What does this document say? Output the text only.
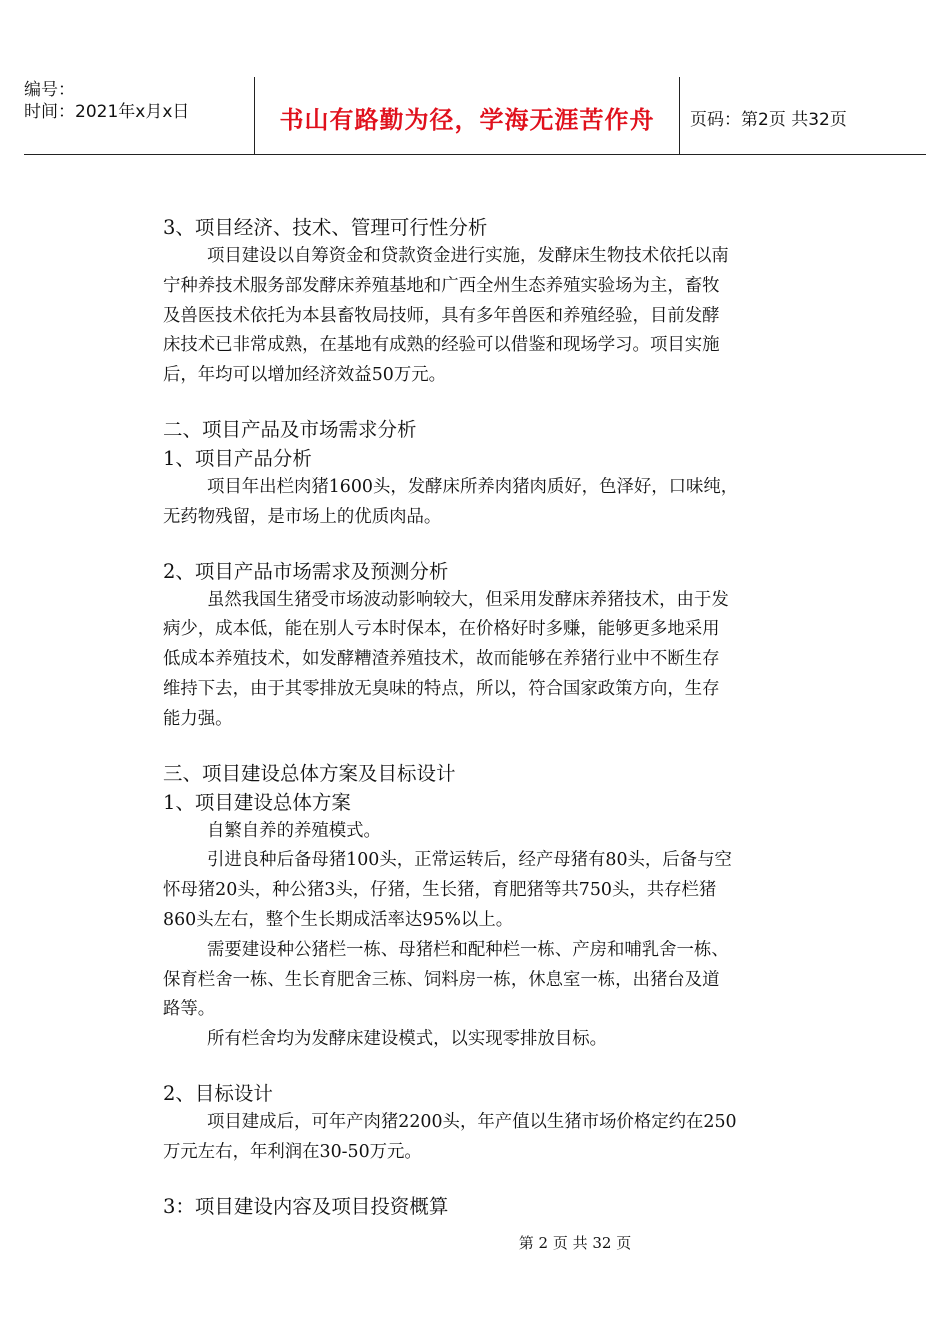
编号：
时间：2021年x月x日	书山有路勤为径，学海无涯苦作舟	页码：第2页 共32页
3、项目经济、技术、管理可行性分析
项目建设以自筹资金和贷款资金进行实施，发酵床生物技术依托以南
宁种养技术服务部发酵床养殖基地和广西全州生态养殖实验场为主，畜牧
及兽医技术依托为本县畜牧局技师，具有多年兽医和养殖经验，目前发酵
床技术已非常成熟，在基地有成熟的经验可以借鉴和现场学习。项目实施
后，年均可以增加经济效益50万元。
二、项目产品及市场需求分析
1、项目产品分析
项目年出栏肉猪1600头，发酵床所养肉猪肉质好，色泽好，口味纯，
无药物残留，是市场上的优质肉品。
2、项目产品市场需求及预测分析
虽然我国生猪受市场波动影响较大，但采用发酵床养猪技术，由于发
病少，成本低，能在别人亏本时保本，在价格好时多赚，能够更多地采用
低成本养殖技术，如发酵糟渣养殖技术，故而能够在养猪行业中不断生存
维持下去，由于其零排放无臭味的特点，所以，符合国家政策方向，生存
能力强。
三、项目建设总体方案及目标设计
1、项目建设总体方案
自繁自养的养殖模式。
引进良种后备母猪100头，正常运转后，经产母猪有80头，后备与空
怀母猪20头，种公猪3头，仔猪，生长猪，育肥猪等共750头，共存栏猪
860头左右，整个生长期成活率达95%以上。
需要建设种公猪栏一栋、母猪栏和配种栏一栋、产房和哺乳舍一栋、
保育栏舍一栋、生长育肥舍三栋、饲料房一栋，休息室一栋，出猪台及道
路等。
所有栏舍均为发酵床建设模式，以实现零排放目标。
2、目标设计
项目建成后，可年产肉猪2200头，年产值以生猪市场价格定约在250
万元左右，年利润在30-50万元。
3：项目建设内容及项目投资概算
第 2 页 共 32 页
